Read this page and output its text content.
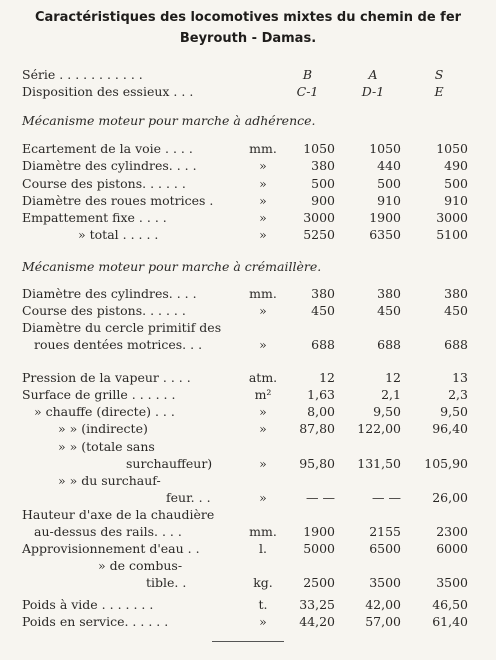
Caractéristiques des locomotives mixtes du chemin de fer
Beyrouth - Damas.
Mécanisme moteur pour marche à adhérence.
Mécanisme moteur pour marche à crémaillère.
Série . . . . . . . . . . .	B	A	S
Disposition des essieux . . .	C-1	D-1	E
Ecartement de la voie . . . .	mm.	1050	1050	1050
Diamètre des cylindres. . . .	»	380	440	490
Course des pistons. . . . . .	»	500	500	500
Diamètre des roues motrices .	»	900	910	910
Empattement fixe . . . .	»	3000	1900	3000
» total . . . . .	»	5250	6350	5100
Diamètre des cylindres. . . .	mm.	380	380	380
Course des pistons. . . . . .	»	450	450	450
Diamètre du cercle primitif des
roues dentées motrices. . .	»	688	688	688
Pression de la vapeur . . . .	atm.	12	12	13
Surface de grille . . . . . .	m²	1,63	2,1	2,3
» chauffe (directe) . . .	»	8,00	9,50	9,50
» » (indirecte)	»	87,80	122,00	96,40
» » (totale sans
surchauffeur)	»	95,80	131,50	105,90
» » du surchauf-
feur. . .	»	— —	— —	26,00
Hauteur d'axe de la chaudière
au-dessus des rails. . . .	mm.	1900	2155	2300
Approvisionnement d'eau . .	l.	5000	6500	6000
» de combus-
tible. .	kg.	2500	3500	3500
Poids à vide . . . . . . .	t.	33,25	42,00	46,50
Poids en service. . . . . .	»	44,20	57,00	61,40
